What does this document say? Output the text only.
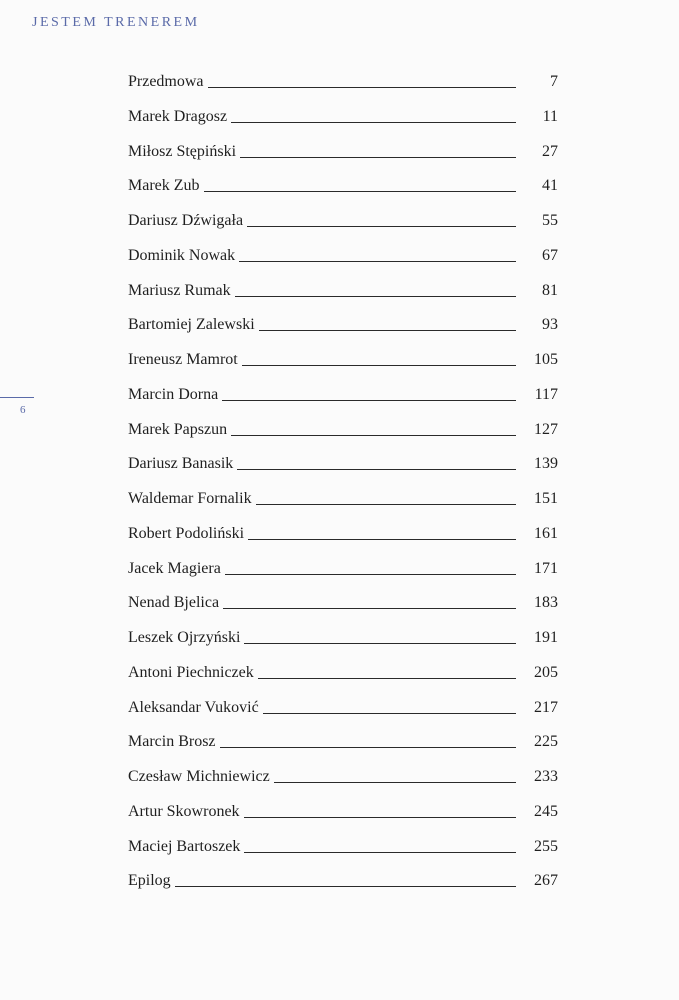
JESTEM TRENEREM
6
Przedmowa	7
Marek Dragosz	11
Miłosz Stępiński	27
Marek Zub	41
Dariusz Dźwigała	55
Dominik Nowak	67
Mariusz Rumak	81
Bartomiej Zalewski	93
Ireneusz Mamrot	105
Marcin Dorna	117
Marek Papszun	127
Dariusz Banasik	139
Waldemar Fornalik	151
Robert Podoliński	161
Jacek Magiera	171
Nenad Bjelica	183
Leszek Ojrzyński	191
Antoni Piechniczek	205
Aleksandar Vuković	217
Marcin Brosz	225
Czesław Michniewicz	233
Artur Skowronek	245
Maciej Bartoszek	255
Epilog	267
